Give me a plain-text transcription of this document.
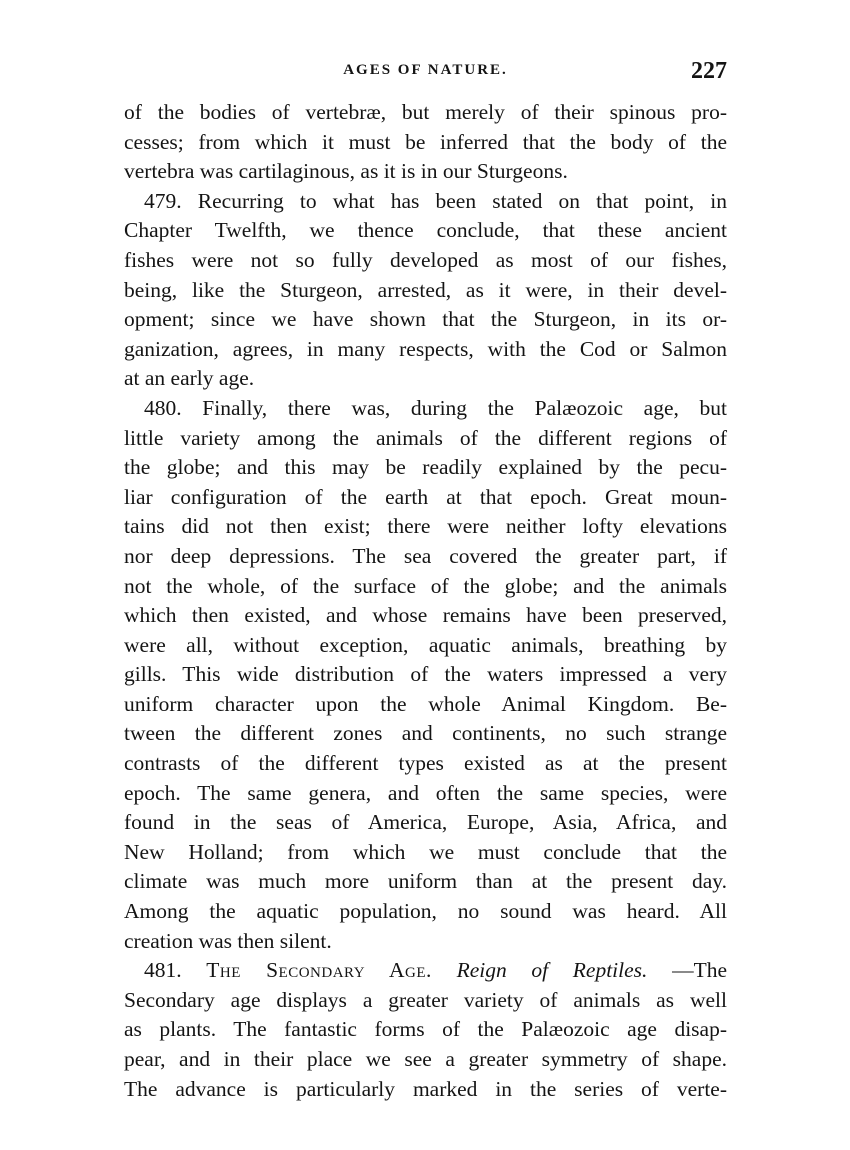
AGES OF NATURE.	227
of the bodies of vertebræ, but merely of their spinous pro-
cesses; from which it must be inferred that the body of the
vertebra was cartilaginous, as it is in our Sturgeons.
479. Recurring to what has been stated on that point, in
Chapter Twelfth, we thence conclude, that these ancient
fishes were not so fully developed as most of our fishes,
being, like the Sturgeon, arrested, as it were, in their devel-
opment; since we have shown that the Sturgeon, in its or-
ganization, agrees, in many respects, with the Cod or Salmon
at an early age.
480. Finally, there was, during the Palæozoic age, but
little variety among the animals of the different regions of
the globe; and this may be readily explained by the pecu-
liar configuration of the earth at that epoch. Great moun-
tains did not then exist; there were neither lofty elevations
nor deep depressions. The sea covered the greater part, if
not the whole, of the surface of the globe; and the animals
which then existed, and whose remains have been preserved,
were all, without exception, aquatic animals, breathing by
gills. This wide distribution of the waters impressed a very
uniform character upon the whole Animal Kingdom. Be-
tween the different zones and continents, no such strange
contrasts of the different types existed as at the present
epoch. The same genera, and often the same species, were
found in the seas of America, Europe, Asia, Africa, and
New Holland; from which we must conclude that the
climate was much more uniform than at the present day.
Among the aquatic population, no sound was heard. All
creation was then silent.
481. The Secondary Age. Reign of Reptiles. —The
Secondary age displays a greater variety of animals as well
as plants. The fantastic forms of the Palæozoic age disap-
pear, and in their place we see a greater symmetry of shape.
The advance is particularly marked in the series of verte-
